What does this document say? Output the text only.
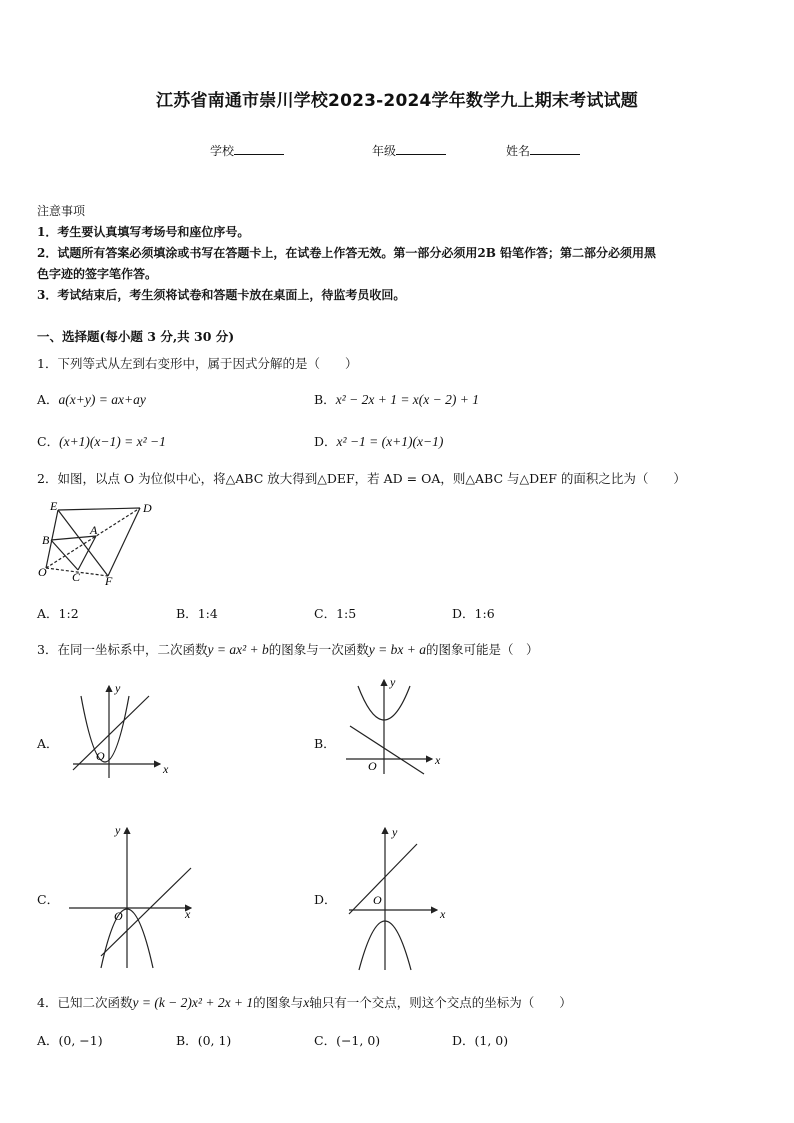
江苏省南通市崇川学校2023-2024学年数学九上期末考试试题
学校	年级	姓名
注意事项
1．考生要认真填写考场号和座位序号。
2．试题所有答案必须填涂或书写在答题卡上，在试卷上作答无效。第一部分必须用2B 铅笔作答；第二部分必须用黑
色字迹的签字笔作答。
3．考试结束后，考生须将试卷和答题卡放在桌面上，待监考员收回。
一、选择题(每小题 3 分,共 30 分)
1．下列等式从左到右变形中，属于因式分解的是（　　）
A．a(x+y) = ax+ay	B．x² − 2x + 1 = x(x − 2) + 1
C．(x+1)(x−1) = x² −1	D．x² −1 = (x+1)(x−1)
2．如图，以点 O 为位似中心，将△ABC 放大得到△DEF，若 AD = OA，则△ABC 与△DEF 的面积之比为（　　）
E	D
A
B
O C F
A．1:2	B．1:4	C．1:5	D．1:6
3．在同一坐标系中，二次函数y = ax² + b的图象与一次函数y = bx + a的图象可能是（　）
A．	B．
C．	D．
x
y
O	x
y
O
x
y
O	x
y
O
4．已知二次函数y = (k − 2)x² + 2x + 1的图象与x轴只有一个交点，则这个交点的坐标为（　　）
A．(0, −1)	B．(0, 1)	C．(−1, 0)	D．(1, 0)
